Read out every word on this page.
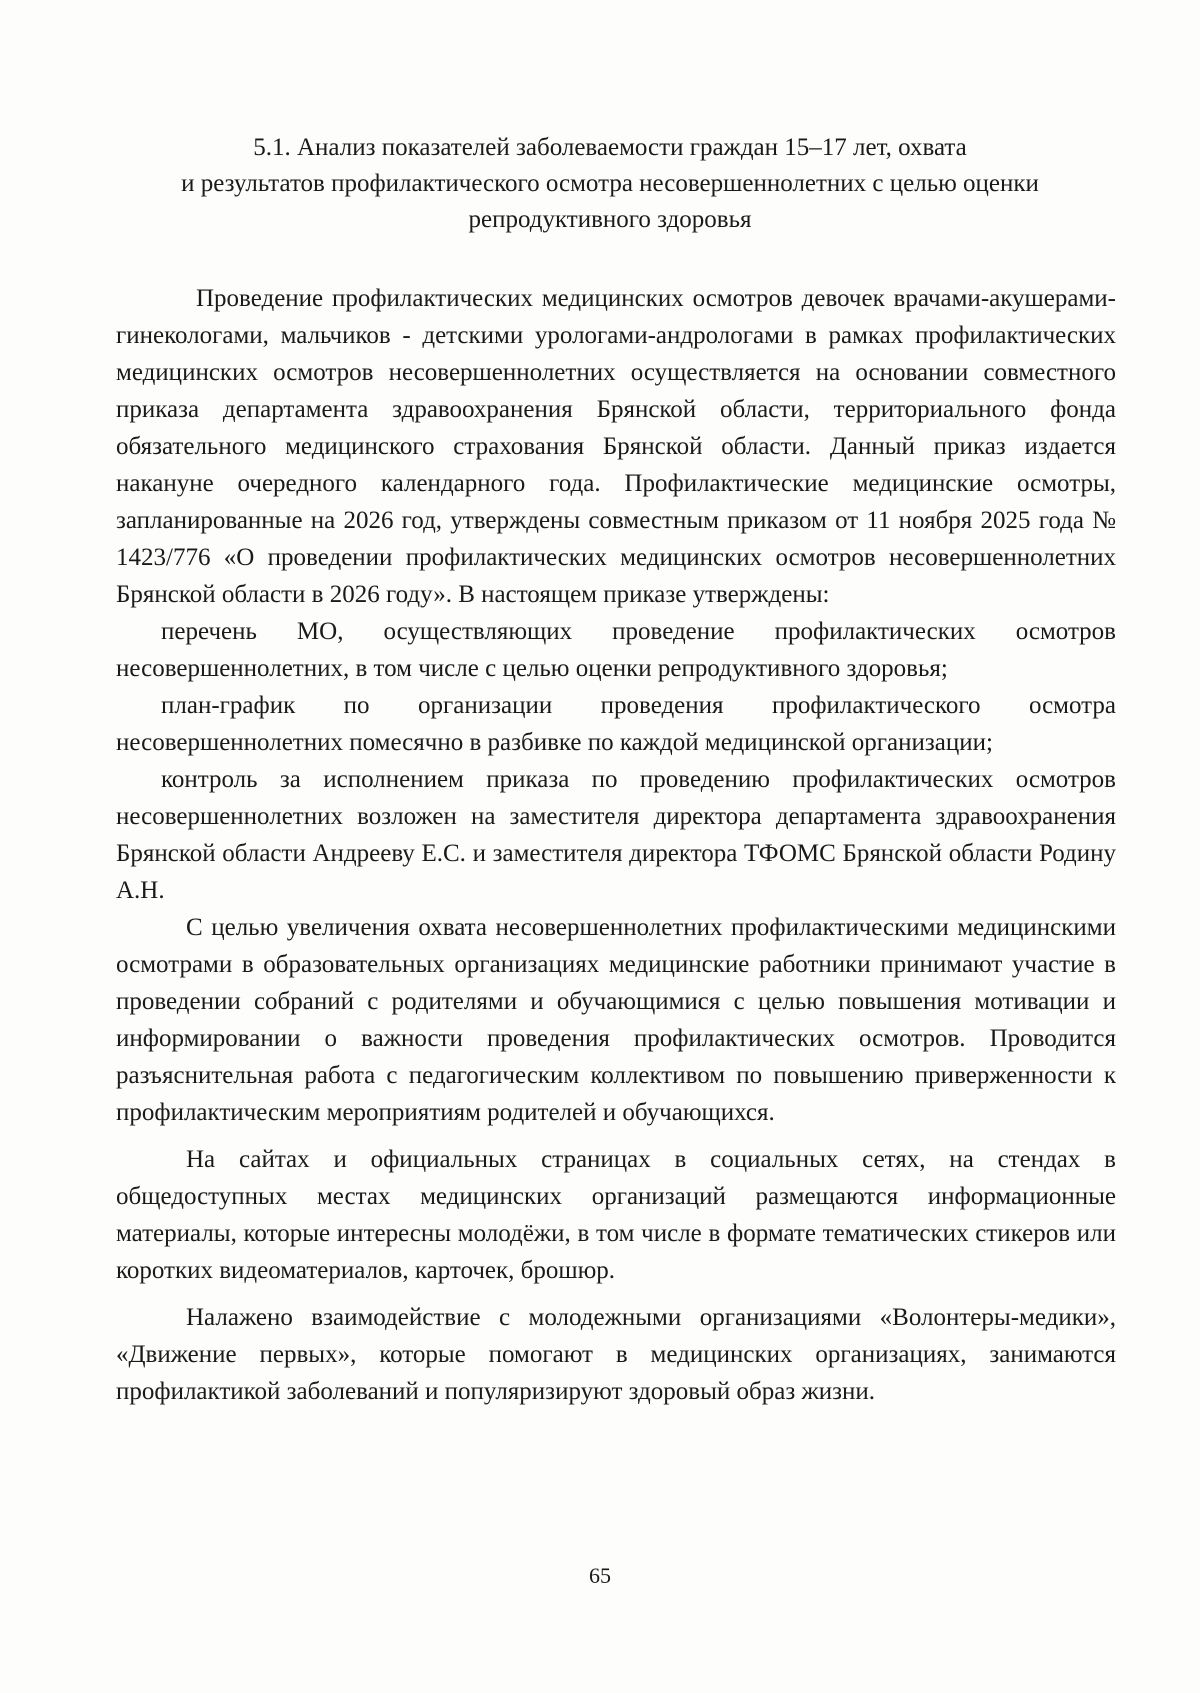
5.1. Анализ показателей заболеваемости граждан 15–17 лет, охвата
и результатов профилактического осмотра несовершеннолетних с целью оценки
репродуктивного здоровья

Проведение профилактических медицинских осмотров девочек врачами-акушерами-гинекологами, мальчиков - детскими урологами-андрологами в рамках профилактических медицинских осмотров несовершеннолетних осуществляется на основании совместного приказа департамента здравоохранения Брянской области, территориального фонда обязательного медицинского страхования Брянской области. Данный приказ издается накануне очередного календарного года. Профилактические медицинские осмотры, запланированные на 2026 год, утверждены совместным приказом от 11 ноября 2025 года № 1423/776 «О проведении профилактических медицинских осмотров несовершеннолетних Брянской области в 2026 году». В настоящем приказе утверждены:

перечень МО, осуществляющих проведение профилактических осмотров несовершеннолетних, в том числе с целью оценки репродуктивного здоровья;

план-график по организации проведения профилактического осмотра несовершеннолетних помесячно в разбивке по каждой медицинской организации;

контроль за исполнением приказа по проведению профилактических осмотров несовершеннолетних возложен на заместителя директора департамента здравоохранения Брянской области Андрееву Е.С. и заместителя директора ТФОМС Брянской области Родину А.Н.

С целью увеличения охвата несовершеннолетних профилактическими медицинскими осмотрами в образовательных организациях медицинские работники принимают участие в проведении собраний с родителями и обучающимися с целью повышения мотивации и информировании о важности проведения профилактических осмотров. Проводится разъяснительная работа с педагогическим коллективом по повышению приверженности к профилактическим мероприятиям родителей и обучающихся.

На сайтах и официальных страницах в социальных сетях, на стендах в общедоступных местах медицинских организаций размещаются информационные материалы, которые интересны молодёжи, в том числе в формате тематических стикеров или коротких видеоматериалов, карточек, брошюр.

Налажено взаимодействие с молодежными организациями «Волонтеры-медики», «Движение первых», которые помогают в медицинских организациях, занимаются профилактикой заболеваний и популяризируют здоровый образ жизни.

65
